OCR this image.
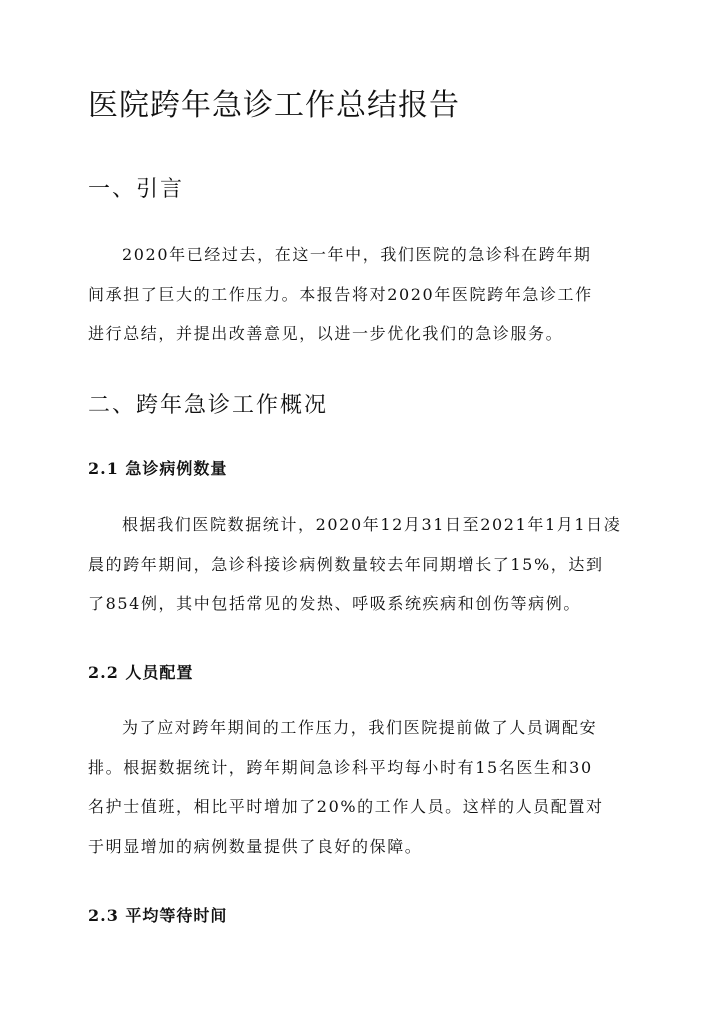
医院跨年急诊工作总结报告
一、引言
2020年已经过去，在这一年中，我们医院的急诊科在跨年期
间承担了巨大的工作压力。本报告将对2020年医院跨年急诊工作
进行总结，并提出改善意见，以进一步优化我们的急诊服务。
二、跨年急诊工作概况
2.1 急诊病例数量
根据我们医院数据统计，2020年12月31日至2021年1月1日凌
晨的跨年期间，急诊科接诊病例数量较去年同期增长了15%，达到
了854例，其中包括常见的发热、呼吸系统疾病和创伤等病例。
2.2 人员配置
为了应对跨年期间的工作压力，我们医院提前做了人员调配安
排。根据数据统计，跨年期间急诊科平均每小时有15名医生和30
名护士值班，相比平时增加了20%的工作人员。这样的人员配置对
于明显增加的病例数量提供了良好的保障。
2.3 平均等待时间
